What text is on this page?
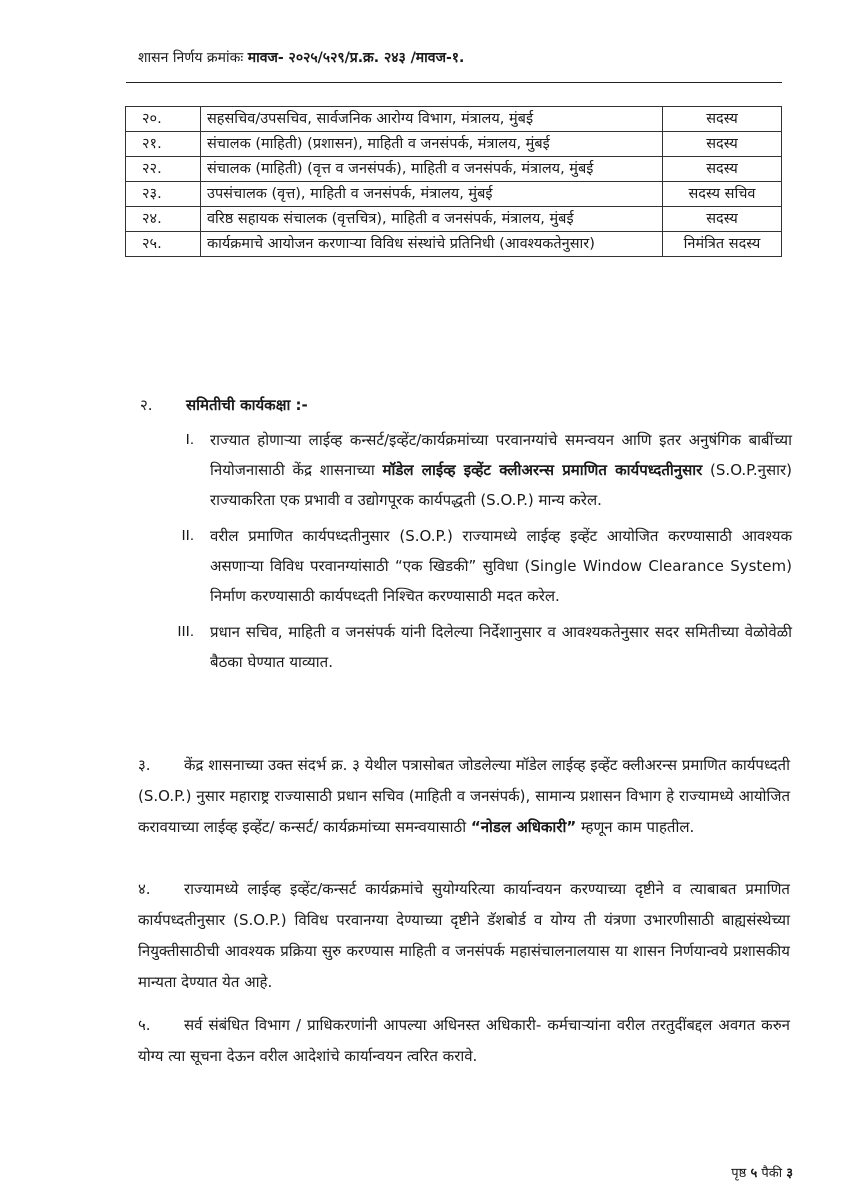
शासन निर्णय क्रमांकः मावज- २०२५/५२९/प्र.क्र. २४३ /मावज-१.
२०.	सहसचिव/उपसचिव, सार्वजनिक आरोग्य विभाग, मंत्रालय, मुंबई	सदस्य
२१.	संचालक (माहिती) (प्रशासन), माहिती व जनसंपर्क, मंत्रालय, मुंबई	सदस्य
२२.	संचालक (माहिती) (वृत्त व जनसंपर्क), माहिती व जनसंपर्क, मंत्रालय, मुंबई	सदस्य
२३.	उपसंचालक (वृत्त), माहिती व जनसंपर्क, मंत्रालय, मुंबई	सदस्य सचिव
२४.	वरिष्ठ सहायक संचालक (वृत्तचित्र), माहिती व जनसंपर्क, मंत्रालय, मुंबई	सदस्य
२५.	कार्यक्रमाचे आयोजन करणाऱ्या विविध संस्थांचे प्रतिनिधी (आवश्यकतेनुसार)	निमंत्रित सदस्य
२. समितीची कार्यकक्षा :-
I. राज्यात होणाऱ्या लाईव्ह कन्सर्ट/इव्हेंट/कार्यक्रमांच्या परवानग्यांचे समन्वयन आणि इतर अनुषंगिक बाबींच्या नियोजनासाठी केंद्र शासनाच्या मॉडेल लाईव्ह इव्हेंट क्लीअरन्स प्रमाणित कार्यपध्दतीनुसार (S.O.P.नुसार) राज्याकरिता एक प्रभावी व उद्योगपूरक कार्यपद्धती (S.O.P.) मान्य करेल.
II. वरील प्रमाणित कार्यपध्दतीनुसार (S.O.P.) राज्यामध्ये लाईव्ह इव्हेंट आयोजित करण्यासाठी आवश्यक असणाऱ्या विविध परवानग्यांसाठी “एक खिडकी” सुविधा (Single Window Clearance System) निर्माण करण्यासाठी कार्यपध्दती निश्चित करण्यासाठी मदत करेल.
III. प्रधान सचिव, माहिती व जनसंपर्क यांनी दिलेल्या निर्देशानुसार व आवश्यकतेनुसार सदर समितीच्या वेळोवेळी बैठका घेण्यात याव्यात.
३. केंद्र शासनाच्या उक्त संदर्भ क्र. ३ येथील पत्रासोबत जोडलेल्या मॉडेल लाईव्ह इव्हेंट क्लीअरन्स प्रमाणित कार्यपध्दती (S.O.P.) नुसार महाराष्ट्र राज्यासाठी प्रधान सचिव (माहिती व जनसंपर्क), सामान्य प्रशासन विभाग हे राज्यामध्ये आयोजित करावयाच्या लाईव्ह इव्हेंट/ कन्सर्ट/ कार्यक्रमांच्या समन्वयासाठी “नोडल अधिकारी” म्हणून काम पाहतील.
४. राज्यामध्ये लाईव्ह इव्हेंट/कन्सर्ट कार्यक्रमांचे सुयोग्यरित्या कार्यान्वयन करण्याच्या दृष्टीने व त्याबाबत प्रमाणित कार्यपध्दतीनुसार (S.O.P.) विविध परवानग्या देण्याच्या दृष्टीने डॅशबोर्ड व योग्य ती यंत्रणा उभारणीसाठी बाह्यसंस्थेच्या नियुक्तीसाठीची आवश्यक प्रक्रिया सुरु करण्यास माहिती व जनसंपर्क महासंचालनालयास या शासन निर्णयान्वये प्रशासकीय मान्यता देण्यात येत आहे.
५. सर्व संबंधित विभाग / प्राधिकरणांनी आपल्या अधिनस्त अधिकारी- कर्मचाऱ्यांना वरील तरतुदींबद्दल अवगत करुन योग्य त्या सूचना देऊन वरील आदेशांचे कार्यान्वयन त्वरित करावे.
पृष्ठ ५ पैकी ३
